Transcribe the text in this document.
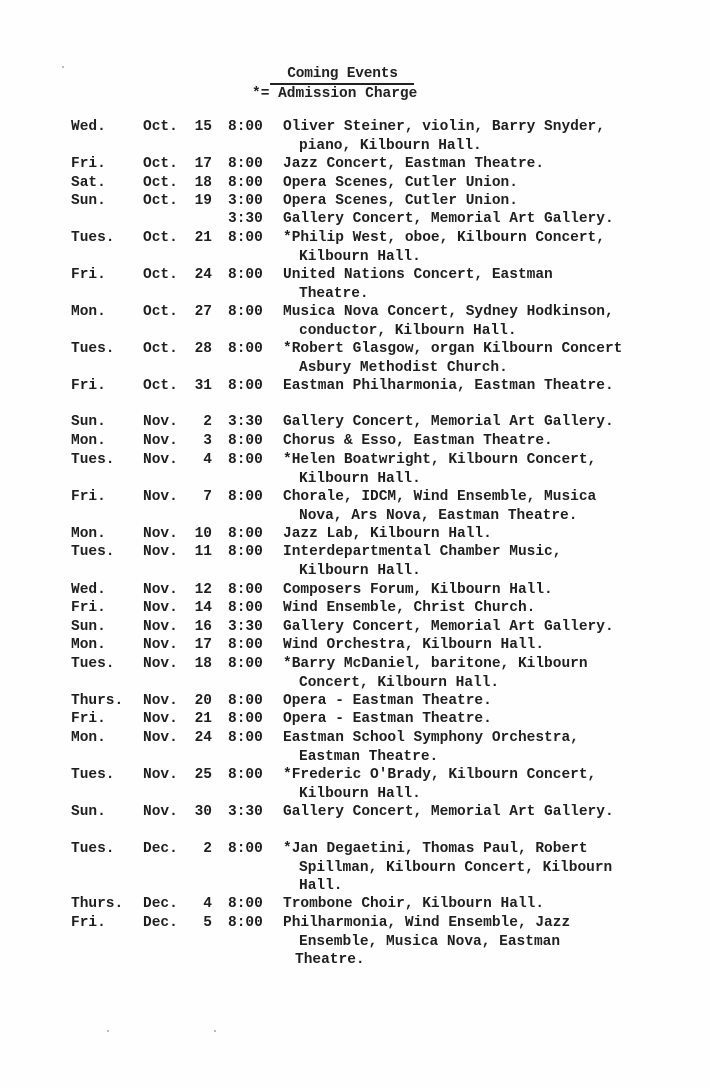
Coming Events
*= Admission Charge
Wed.	Oct.	15 8:00 Oliver Steiner, violin, Barry Snyder,
piano, Kilbourn Hall.
Fri.	Oct.	17 8:00 Jazz Concert, Eastman Theatre.
Sat.	Oct.	18 8:00 Opera Scenes, Cutler Union.
Sun.	Oct.	19 3:00 Opera Scenes, Cutler Union.
3:30 Gallery Concert, Memorial Art Gallery.
Tues. Oct.	21 8:00 *Philip West, oboe, Kilbourn Concert,
Kilbourn Hall.
Fri.	Oct.	24 8:00 United Nations Concert, Eastman
Theatre.
Mon.	Oct.	27 8:00 Musica Nova Concert, Sydney Hodkinson,
conductor, Kilbourn Hall.
Tues. Oct.	28 8:00 *Robert Glasgow, organ Kilbourn Concert
Asbury Methodist Church.
Fri.	Oct.	31 8:00 Eastman Philharmonia, Eastman Theatre.
Sun.	Nov.	2 3:30 Gallery Concert, Memorial Art Gallery.
Mon.	Nov.	3 8:00 Chorus & Esso, Eastman Theatre.
Tues. Nov.	4 8:00 *Helen Boatwright, Kilbourn Concert,
Kilbourn Hall.
Fri.	Nov.	7 8:00 Chorale, IDCM, Wind Ensemble, Musica
Nova, Ars Nova, Eastman Theatre.
Mon.	Nov.	10 8:00 Jazz Lab, Kilbourn Hall.
Tues. Nov.	11 8:00 Interdepartmental Chamber Music,
Kilbourn Hall.
Wed.	Nov.	12 8:00 Composers Forum, Kilbourn Hall.
Fri.	Nov.	14 8:00 Wind Ensemble, Christ Church.
Sun.	Nov.	16 3:30 Gallery Concert, Memorial Art Gallery.
Mon.	Nov.	17 8:00 Wind Orchestra, Kilbourn Hall.
Tues. Nov.	18 8:00 *Barry McDaniel, baritone, Kilbourn
Concert, Kilbourn Hall.
Thurs. Nov.	20 8:00 Opera - Eastman Theatre.
Fri.	Nov.	21 8:00 Opera - Eastman Theatre.
Mon.	Nov.	24 8:00 Eastman School Symphony Orchestra,
Eastman Theatre.
Tues. Nov.	25 8:00 *Frederic O'Brady, Kilbourn Concert,
Kilbourn Hall.
Sun.	Nov.	30 3:30 Gallery Concert, Memorial Art Gallery.
Tues. Dec.	2 8:00 *Jan Degaetini, Thomas Paul, Robert
Spillman, Kilbourn Concert, Kilbourn
Hall.
Thurs. Dec.	4 8:00 Trombone Choir, Kilbourn Hall.
Fri.	Dec.	5 8:00 Philharmonia, Wind Ensemble, Jazz
Ensemble, Musica Nova, Eastman
Theatre.
